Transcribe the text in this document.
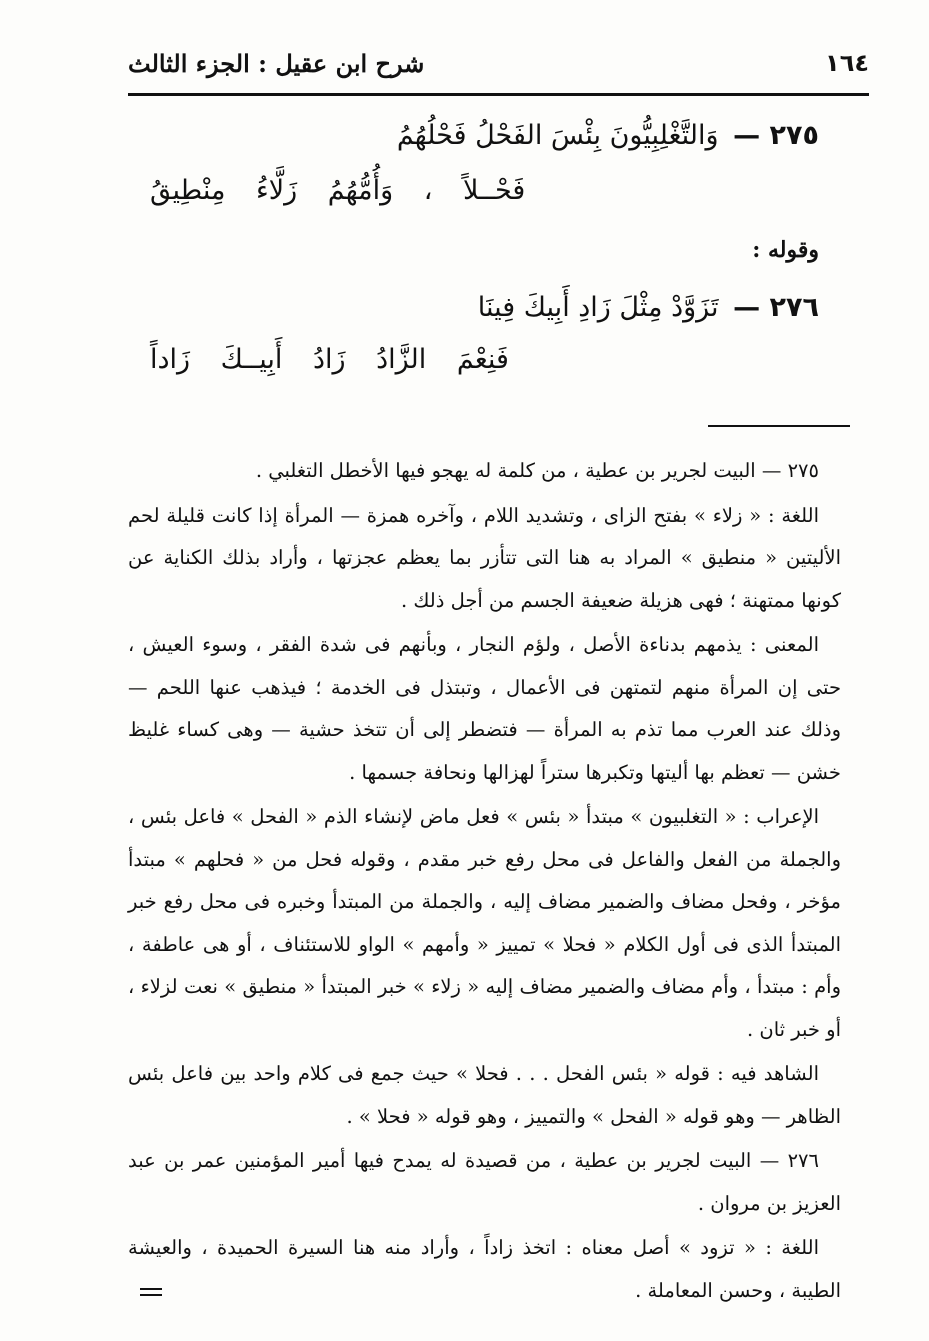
١٦٤
شرح ابن عقيل : الجزء الثالث
٢٧٥ — وَالتَّغْلِبِيُّونَ بِئْسَ الفَحْلُ فَحْلُهُمُ
فَحْــلاً ، وَأُمُّهُمُ زَلَّاءُ مِنْطِيقُ
وقوله :
٢٧٦ — تَزَوَّدْ مِثْلَ زَادِ أَبِيكَ فِينَا
فَنِعْمَ الزَّادُ زَادُ أَبِيــكَ زَاداً

٢٧٥ — البيت لجرير بن عطية ، من كلمة له يهجو فيها الأخطل التغلبي .

اللغة : « زلاء » بفتح الزاى ، وتشديد اللام ، وآخره همزة — المرأة إذا كانت قليلة لحم الأليتين « منطيق » المراد به هنا التى تتأزر بما يعظم عجزتها ، وأراد بذلك الكناية عن كونها ممتهنة ؛ فهى هزيلة ضعيفة الجسم من أجل ذلك .

المعنى : يذمهم بدناءة الأصل ، ولؤم النجار ، وبأنهم فى شدة الفقر ، وسوء العيش ، حتى إن المرأة منهم لتمتهن فى الأعمال ، وتبتذل فى الخدمة ؛ فيذهب عنها اللحم — وذلك عند العرب مما تذم به المرأة — فتضطر إلى أن تتخذ حشية — وهى كساء غليظ خشن — تعظم بها أليتها وتكبرها ستراً لهزالها ونحافة جسمها .

الإعراب : « التغلبيون » مبتدأ « بئس » فعل ماض لإنشاء الذم « الفحل » فاعل بئس ، والجملة من الفعل والفاعل فى محل رفع خبر مقدم ، وقوله فحل من « فحلهم » مبتدأ مؤخر ، وفحل مضاف والضمير مضاف إليه ، والجملة من المبتدأ وخبره فى محل رفع خبر المبتدأ الذى فى أول الكلام « فحلا » تمييز « وأمهم » الواو للاستئناف ، أو هى عاطفة ، وأم : مبتدأ ، وأم مضاف والضمير مضاف إليه « زلاء » خبر المبتدأ « منطيق » نعت لزلاء ، أو خبر ثان .

الشاهد فيه : قوله « بئس الفحل . . . فحلا » حيث جمع فى كلام واحد بين فاعل بئس الظاهر — وهو قوله « الفحل » والتمييز ، وهو قوله « فحلا » .

٢٧٦ — البيت لجرير بن عطية ، من قصيدة له يمدح فيها أمير المؤمنين عمر بن عبد العزيز بن مروان .

اللغة : « تزود » أصل معناه : اتخذ زاداً ، وأراد منه هنا السيرة الحميدة ، والعيشة الطيبة ، وحسن المعاملة .
